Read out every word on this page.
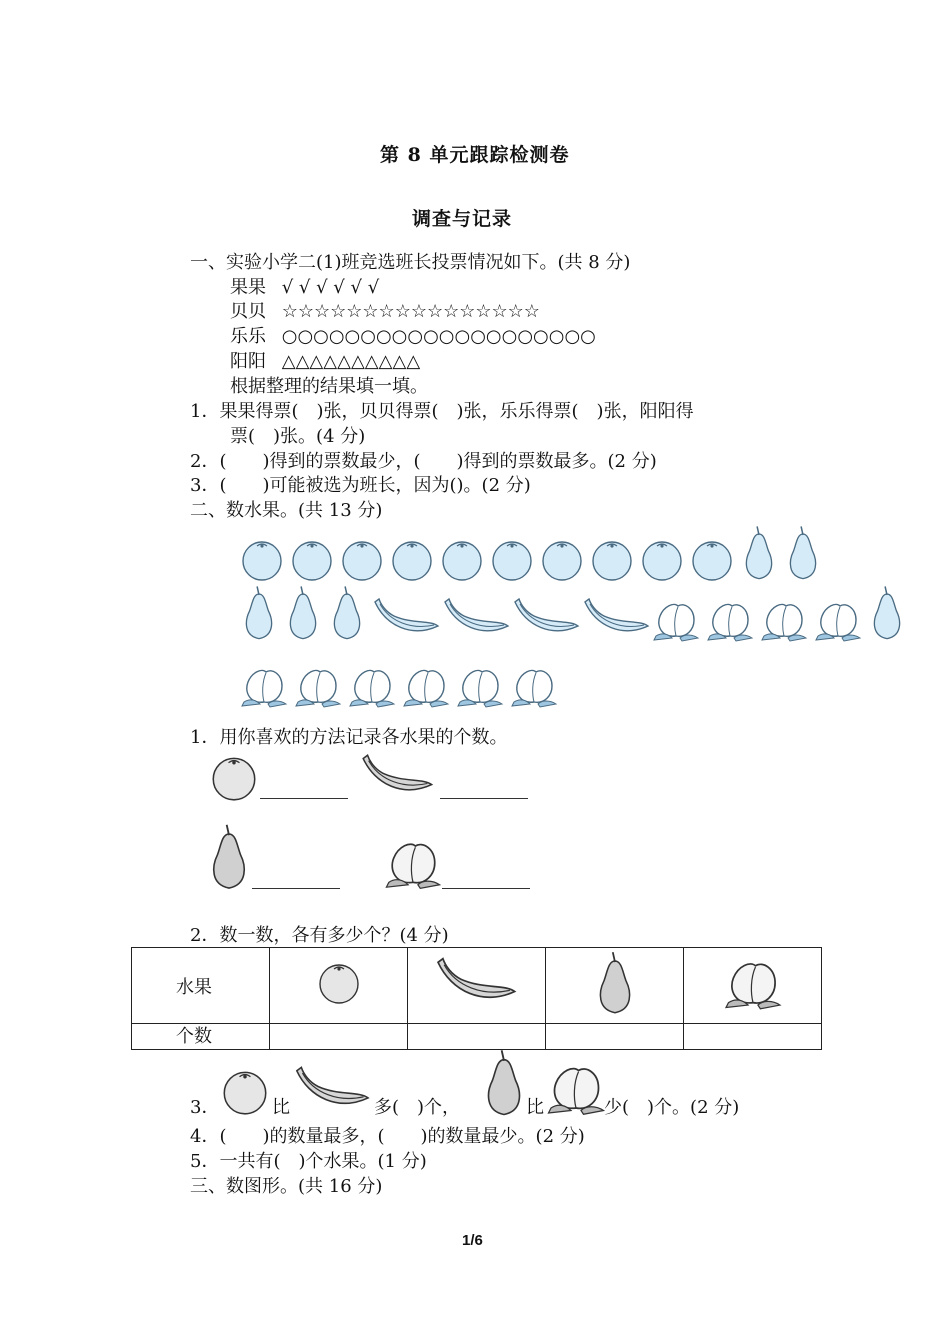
第 8 单元跟踪检测卷
调查与记录
一、实验小学二(1)班竞选班长投票情况如下。(共 8 分)
果果 √ √ √ √ √ √
贝贝 ☆☆☆☆☆☆☆☆☆☆☆☆☆☆☆☆
乐乐 ○○○○○○○○○○○○○○○○○○○○
阳阳 △△△△△△△△△△
根据整理的结果填一填。
1．果果得票(　)张，贝贝得票(　)张，乐乐得票(　)张，阳阳得
票(　)张。(4 分)
2．(　　)得到的票数最少，(　　)得到的票数最多。(2 分)
3．(　　)可能被选为班长，因为()。(2 分)
二、数水果。(共 13 分)
1．用你喜欢的方法记录各水果的个数。
2．数一数，各有多少个？(4 分)
水果				
个数				
3．	比	多(　)个，	比	少(　)个。(2 分)
4．(　　)的数量最多，(　　)的数量最少。(2 分)
5．一共有(　)个水果。(1 分)
三、数图形。(共 16 分)
1/6
